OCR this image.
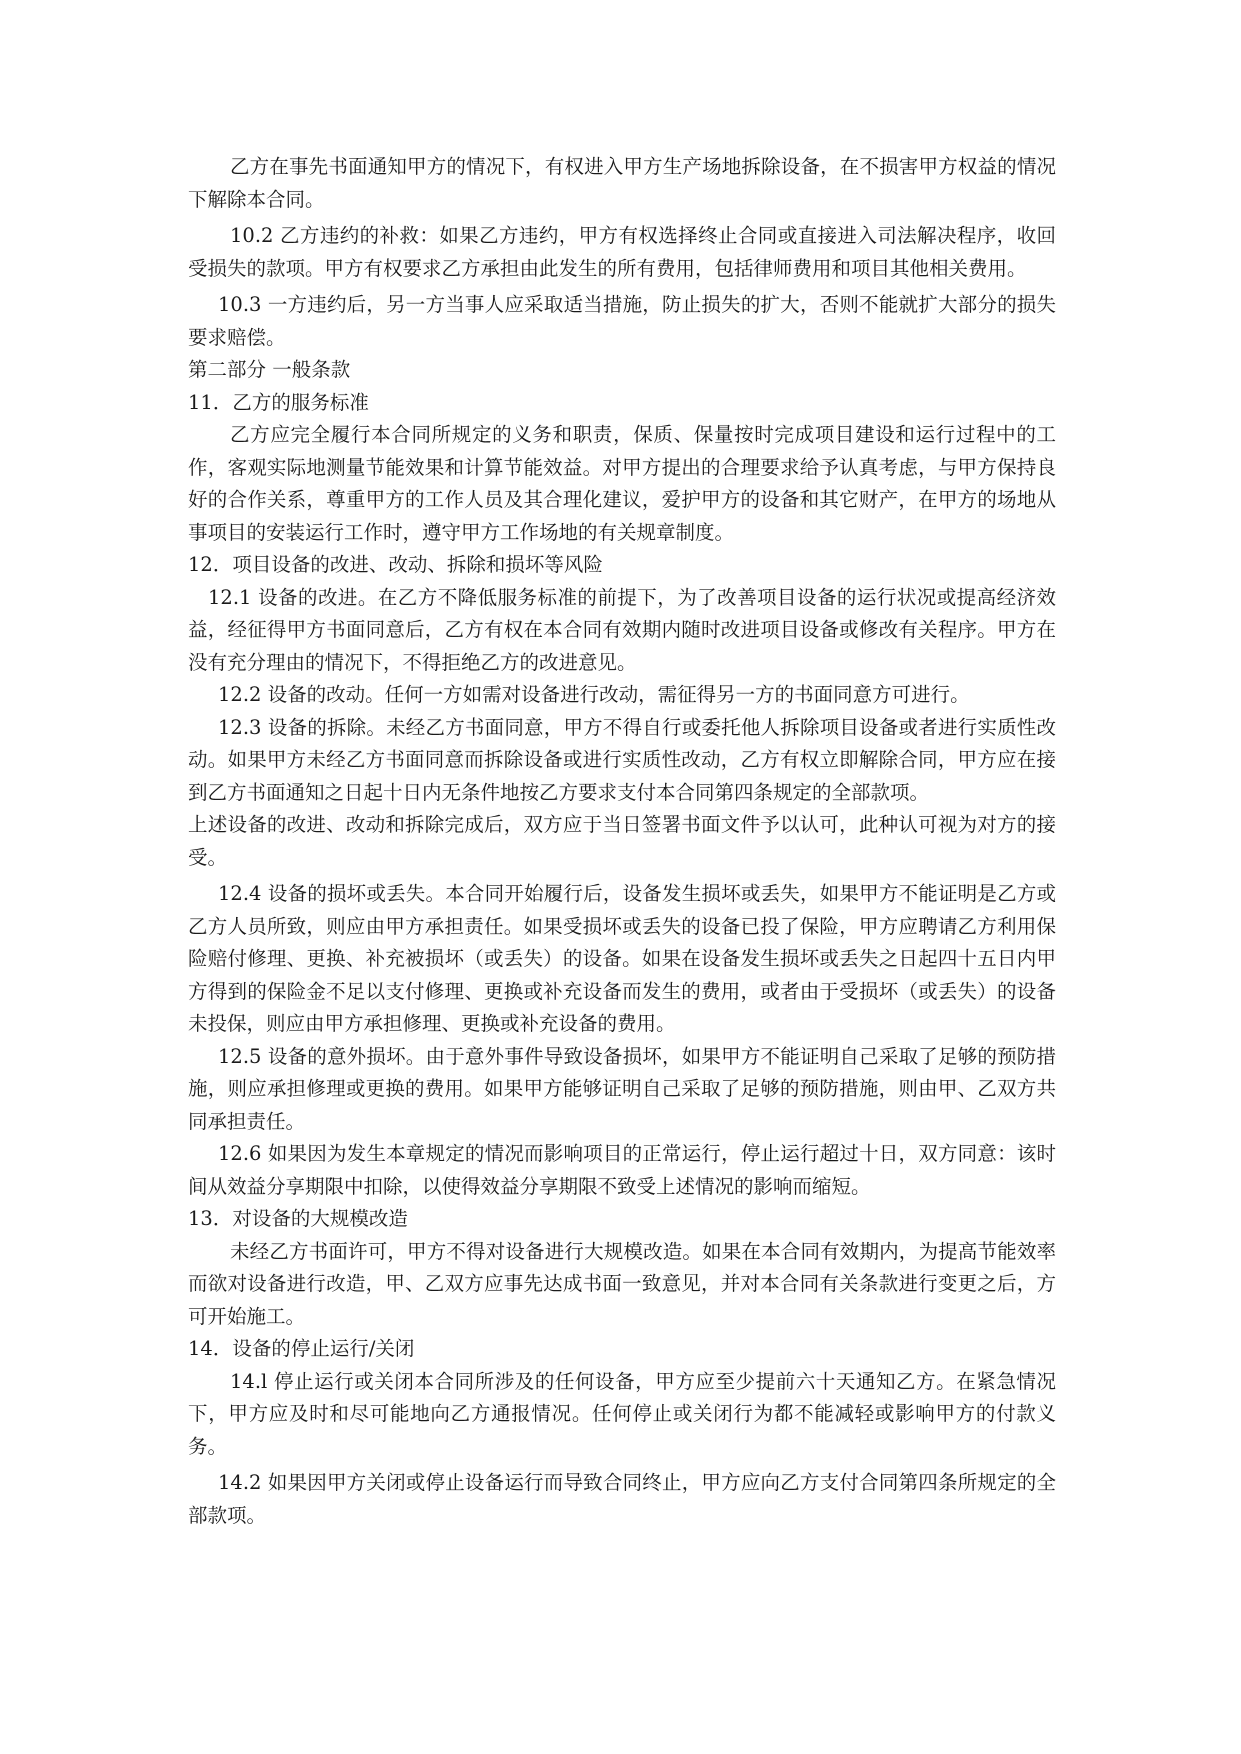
乙方在事先书面通知甲方的情况下，有权进入甲方生产场地拆除设备，在不损害甲方权益的情况下解除本合同。

10.2 乙方违约的补救：如果乙方违约，甲方有权选择终止合同或直接进入司法解决程序，收回受损失的款项。甲方有权要求乙方承担由此发生的所有费用，包括律师费用和项目其他相关费用。

10.3 一方违约后，另一方当事人应采取适当措施，防止损失的扩大，否则不能就扩大部分的损失要求赔偿。

第二部分 一般条款

11．乙方的服务标准

乙方应完全履行本合同所规定的义务和职责，保质、保量按时完成项目建设和运行过程中的工作，客观实际地测量节能效果和计算节能效益。对甲方提出的合理要求给予认真考虑，与甲方保持良好的合作关系，尊重甲方的工作人员及其合理化建议，爱护甲方的设备和其它财产，在甲方的场地从事项目的安装运行工作时，遵守甲方工作场地的有关规章制度。

12．项目设备的改进、改动、拆除和损坏等风险

12.1 设备的改进。在乙方不降低服务标准的前提下，为了改善项目设备的运行状况或提高经济效益，经征得甲方书面同意后，乙方有权在本合同有效期内随时改进项目设备或修改有关程序。甲方在没有充分理由的情况下，不得拒绝乙方的改进意见。

12.2 设备的改动。任何一方如需对设备进行改动，需征得另一方的书面同意方可进行。

12.3 设备的拆除。未经乙方书面同意，甲方不得自行或委托他人拆除项目设备或者进行实质性改动。如果甲方未经乙方书面同意而拆除设备或进行实质性改动，乙方有权立即解除合同，甲方应在接到乙方书面通知之日起十日内无条件地按乙方要求支付本合同第四条规定的全部款项。

上述设备的改进、改动和拆除完成后，双方应于当日签署书面文件予以认可，此种认可视为对方的接受。

12.4 设备的损坏或丢失。本合同开始履行后，设备发生损坏或丢失，如果甲方不能证明是乙方或乙方人员所致，则应由甲方承担责任。如果受损坏或丢失的设备已投了保险，甲方应聘请乙方利用保险赔付修理、更换、补充被损坏（或丢失）的设备。如果在设备发生损坏或丢失之日起四十五日内甲方得到的保险金不足以支付修理、更换或补充设备而发生的费用，或者由于受损坏（或丢失）的设备未投保，则应由甲方承担修理、更换或补充设备的费用。

12.5 设备的意外损坏。由于意外事件导致设备损坏，如果甲方不能证明自己采取了足够的预防措施，则应承担修理或更换的费用。如果甲方能够证明自己采取了足够的预防措施，则由甲、乙双方共同承担责任。

12.6 如果因为发生本章规定的情况而影响项目的正常运行，停止运行超过十日，双方同意：该时间从效益分享期限中扣除，以使得效益分享期限不致受上述情况的影响而缩短。

13．对设备的大规模改造

未经乙方书面许可，甲方不得对设备进行大规模改造。如果在本合同有效期内，为提高节能效率而欲对设备进行改造，甲、乙双方应事先达成书面一致意见，并对本合同有关条款进行变更之后，方可开始施工。

14．设备的停止运行/关闭

14.l 停止运行或关闭本合同所涉及的任何设备，甲方应至少提前六十天通知乙方。在紧急情况下，甲方应及时和尽可能地向乙方通报情况。任何停止或关闭行为都不能减轻或影响甲方的付款义务。

14.2 如果因甲方关闭或停止设备运行而导致合同终止，甲方应向乙方支付合同第四条所规定的全部款项。
